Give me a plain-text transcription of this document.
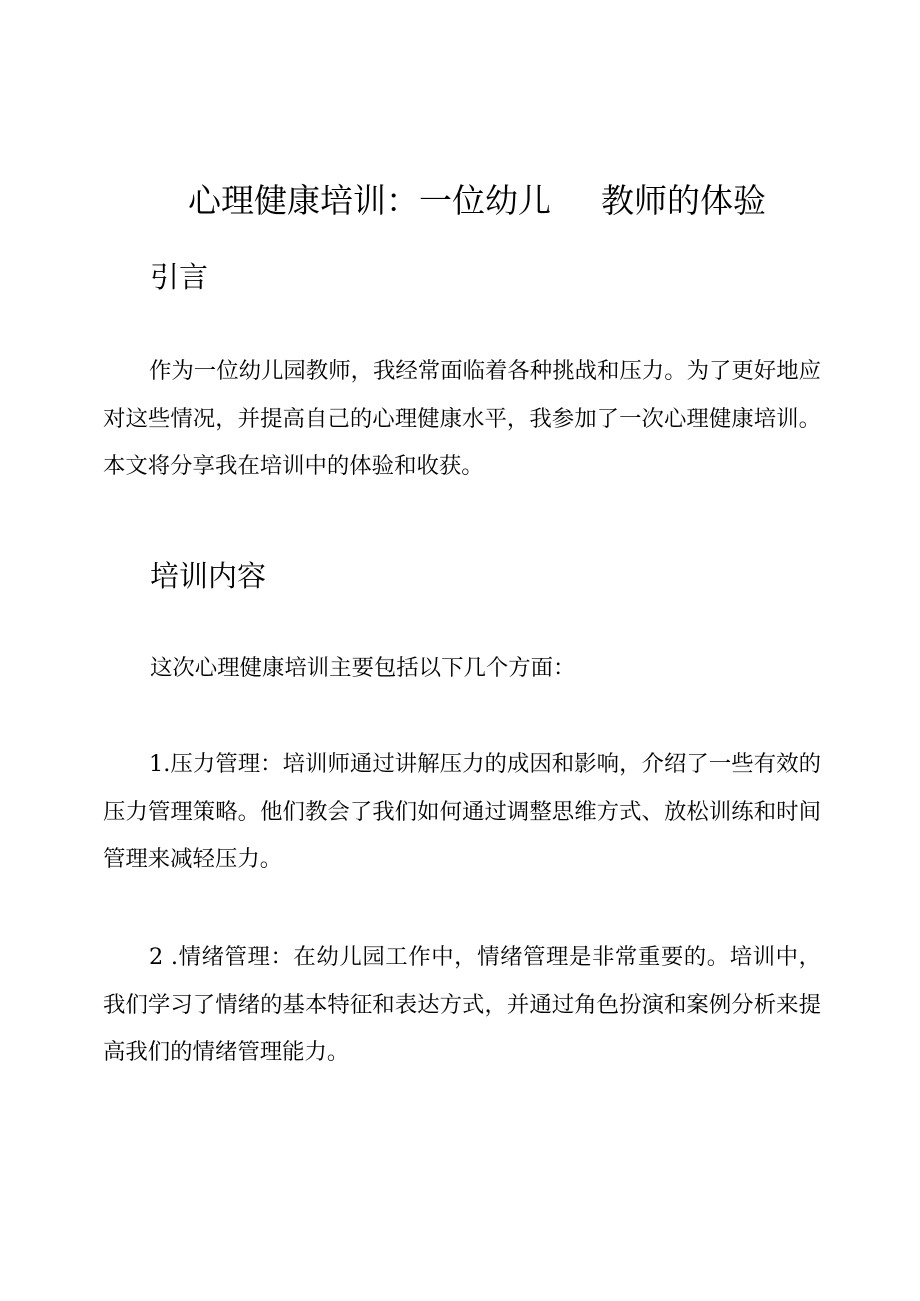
心理健康培训：一位幼儿 教师的体验
引言

作为一位幼儿园教师，我经常面临着各种挑战和压力。为了更好地应对这些情况，并提高自己的心理健康水平，我参加了一次心理健康培训。本文将分享我在培训中的体验和收获。

培训内容

这次心理健康培训主要包括以下几个方面：

1.压力管理：培训师通过讲解压力的成因和影响，介绍了一些有效的压力管理策略。他们教会了我们如何通过调整思维方式、放松训练和时间管理来减轻压力。

2 .情绪管理：在幼儿园工作中，情绪管理是非常重要的。培训中，我们学习了情绪的基本特征和表达方式，并通过角色扮演和案例分析来提高我们的情绪管理能力。
